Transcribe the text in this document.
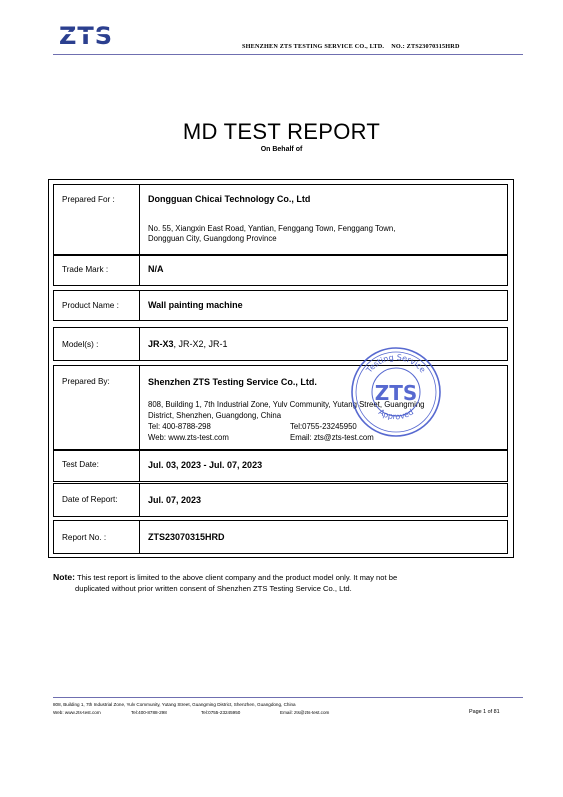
ZTS	SHENZHEN ZTS TESTING SERVICE CO., LTD. NO.: ZTS23070315HRD
MD TEST REPORT
On Behalf of
Prepared For :	Dongguan Chicai Technology Co., Ltd
No. 55, Xiangxin East Road, Yantian, Fenggang Town, Fenggang Town,
Dongguan City, Guangdong Province
Trade Mark :	N/A
Product Name :	Wall painting machine
Model(s) :	JR-X3, JR-X2, JR-1
Prepared By:	Shenzhen ZTS Testing Service Co., Ltd.
808, Building 1, 7th Industrial Zone, Yulv Community, Yutang Street, Guangming
District, Shenzhen, Guangdong, China
Tel: 400-8788-298	Tel:0755-23245950
Web: www.zts-test.com	Email: zts@zts-test.com
Test Date:	Jul. 03, 2023 - Jul. 07, 2023
Date of Report:	Jul. 07, 2023
Report No. :	ZTS23070315HRD
Testing Service
ZTS
Approved
Note: This test report is limited to the above client company and the product model only. It may not be
duplicated without prior written consent of Shenzhen ZTS Testing Service Co., Ltd.
808, Building 1, 7th Industrial Zone, Yulv Community, Yutang Street, Guangming District, Shenzhen, Guangdong, China
Web: www.zts-test.com	Tel:400-8788-298	Tel:0755-23245950	Email: zts@zts-test.com	Page 1 of 81
